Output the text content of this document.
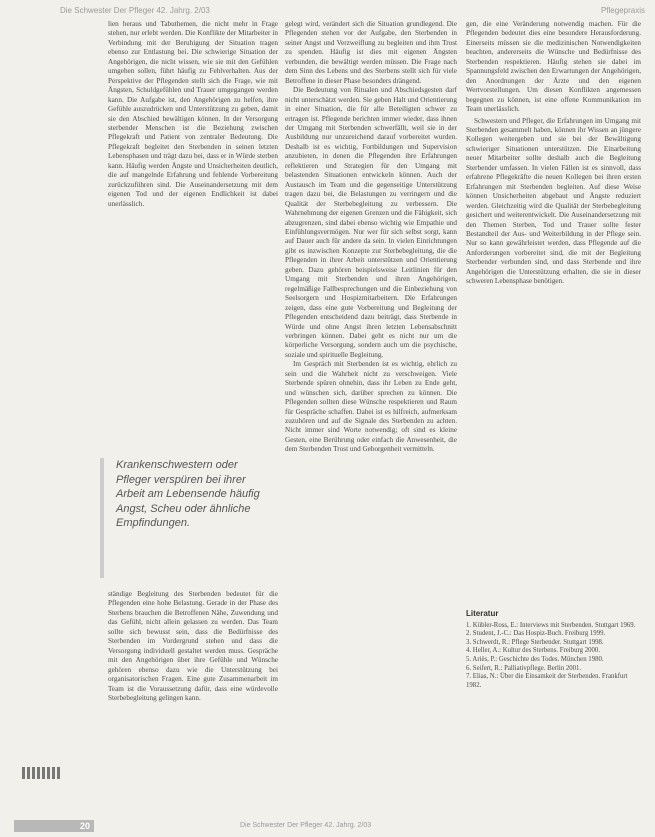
Die Schwester Der Pfleger 42. Jahrg. 2/03	Pflegepraxis

lien heraus und Tabuthemen, die nicht mehr in Frage stehen, nur erlebt werden. Die Konflikte der Mitarbeiter in Verbindung mit der Beruhigung der Situation tragen ebenso zur Entlastung bei. Die schwierige Situation der Angehörigen, die nicht wissen, wie sie mit den Gefühlen umgehen sollen, führt häufig zu Fehlverhalten. Aus der Perspektive der Pflegenden stellt sich die Frage, wie mit Ängsten, Schuldgefühlen und Trauer umgegangen werden kann. Die Aufgabe ist, den Angehörigen zu helfen, ihre Gefühle auszudrücken und Unterstützung zu geben, damit sie den Abschied bewältigen können. In der Versorgung sterbender Menschen ist die Beziehung zwischen Pflegekraft und Patient von zentraler Bedeutung. Die Pflegekraft begleitet den Sterbenden in seinen letzten Lebensphasen und trägt dazu bei, dass er in Würde sterben kann. Häufig werden Ängste und Unsicherheiten deutlich, die auf mangelnde Erfahrung und fehlende Vorbereitung zurückzuführen sind. Die Auseinandersetzung mit dem eigenen Tod und der eigenen Endlichkeit ist dabei unerlässlich.

Krankenschwestern oder Pfleger verspüren bei ihrer Arbeit am Lebensende häufig Angst, Scheu oder ähnliche Empfindungen.

ständige Begleitung des Sterbenden bedeutet für die Pflegenden eine hohe Belastung. Gerade in der Phase des Sterbens brauchen die Betroffenen Nähe, Zuwendung und das Gefühl, nicht allein gelassen zu werden. Das Team sollte sich bewusst sein, dass die Bedürfnisse des Sterbenden im Vordergrund stehen und dass die Versorgung individuell gestaltet werden muss. Gespräche mit den Angehörigen über ihre Gefühle und Wünsche gehören ebenso dazu wie die Unterstützung bei organisatorischen Fragen. Eine gute Zusammenarbeit im Team ist die Voraussetzung dafür, dass eine würdevolle Sterbebegleitung gelingen kann.

gelegt wird, verändert sich die Situation grundlegend. Die Pflegenden stehen vor der Aufgabe, den Sterbenden in seiner Angst und Verzweiflung zu begleiten und ihm Trost zu spenden. Häufig ist dies mit eigenen Ängsten verbunden, die bewältigt werden müssen. Die Frage nach dem Sinn des Lebens und des Sterbens stellt sich für viele Betroffene in dieser Phase besonders drängend.

Die Bedeutung von Ritualen und Abschiedsgesten darf nicht unterschätzt werden. Sie geben Halt und Orientierung in einer Situation, die für alle Beteiligten schwer zu ertragen ist. Pflegende berichten immer wieder, dass ihnen der Umgang mit Sterbenden schwerfällt, weil sie in der Ausbildung nur unzureichend darauf vorbereitet wurden. Deshalb ist es wichtig, Fortbildungen und Supervision anzubieten, in denen die Pflegenden ihre Erfahrungen reflektieren und Strategien für den Umgang mit belastenden Situationen entwickeln können. Auch der Austausch im Team und die gegenseitige Unterstützung tragen dazu bei, die Belastungen zu verringern und die Qualität der Sterbebegleitung zu verbessern. Die Wahrnehmung der eigenen Grenzen und die Fähigkeit, sich abzugrenzen, sind dabei ebenso wichtig wie Empathie und Einfühlungsvermögen. Nur wer für sich selbst sorgt, kann auf Dauer auch für andere da sein. In vielen Einrichtungen gibt es inzwischen Konzepte zur Sterbebegleitung, die die Pflegenden in ihrer Arbeit unterstützen und Orientierung geben. Dazu gehören beispielsweise Leitlinien für den Umgang mit Sterbenden und ihren Angehörigen, regelmäßige Fallbesprechungen und die Einbeziehung von Seelsorgern und Hospizmitarbeitern. Die Erfahrungen zeigen, dass eine gute Vorbereitung und Begleitung der Pflegenden entscheidend dazu beiträgt, dass Sterbende in Würde und ohne Angst ihren letzten Lebensabschnitt verbringen können. Dabei geht es nicht nur um die körperliche Versorgung, sondern auch um die psychische, soziale und spirituelle Begleitung.

Im Gespräch mit Sterbenden ist es wichtig, ehrlich zu sein und die Wahrheit nicht zu verschweigen. Viele Sterbende spüren ohnehin, dass ihr Leben zu Ende geht, und wünschen sich, darüber sprechen zu können. Die Pflegenden sollten diese Wünsche respektieren und Raum für Gespräche schaffen. Dabei ist es hilfreich, aufmerksam zuzuhören und auf die Signale des Sterbenden zu achten. Nicht immer sind Worte notwendig; oft sind es kleine Gesten, eine Berührung oder einfach die Anwesenheit, die dem Sterbenden Trost und Geborgenheit vermitteln.

gen, die eine Veränderung notwendig machen. Für die Pflegenden bedeutet dies eine besondere Herausforderung. Einerseits müssen sie die medizinischen Notwendigkeiten beachten, andererseits die Wünsche und Bedürfnisse des Sterbenden respektieren. Häufig stehen sie dabei im Spannungsfeld zwischen den Erwartungen der Angehörigen, den Anordnungen der Ärzte und den eigenen Wertvorstellungen. Um diesen Konflikten angemessen begegnen zu können, ist eine offene Kommunikation im Team unerlässlich.

Schwestern und Pfleger, die Erfahrungen im Umgang mit Sterbenden gesammelt haben, können ihr Wissen an jüngere Kollegen weitergeben und sie bei der Bewältigung schwieriger Situationen unterstützen. Die Einarbeitung neuer Mitarbeiter sollte deshalb auch die Begleitung Sterbender umfassen. In vielen Fällen ist es sinnvoll, dass erfahrene Pflegekräfte die neuen Kollegen bei ihren ersten Erfahrungen mit Sterbenden begleiten. Auf diese Weise können Unsicherheiten abgebaut und Ängste reduziert werden. Gleichzeitig wird die Qualität der Sterbebegleitung gesichert und weiterentwickelt. Die Auseinandersetzung mit den Themen Sterben, Tod und Trauer sollte fester Bestandteil der Aus- und Weiterbildung in der Pflege sein. Nur so kann gewährleistet werden, dass Pflegende auf die Anforderungen vorbereitet sind, die mit der Begleitung Sterbender verbunden sind, und dass Sterbende und ihre Angehörigen die Unterstützung erhalten, die sie in dieser schweren Lebensphase benötigen.

Literatur
1. Kübler-Ross, E.: Interviews mit Sterbenden. Stuttgart 1969.
2. Student, J.-C.: Das Hospiz-Buch. Freiburg 1999.
3. Schwerdt, R.: Pflege Sterbender. Stuttgart 1998.
4. Heller, A.: Kultur des Sterbens. Freiburg 2000.
5. Ariès, P.: Geschichte des Todes. München 1980.
6. Seifert, R.: Palliativpflege. Berlin 2001.
7. Elias, N.: Über die Einsamkeit der Sterbenden. Frankfurt 1982.
20	Die Schwester Der Pfleger 42. Jahrg. 2/03
